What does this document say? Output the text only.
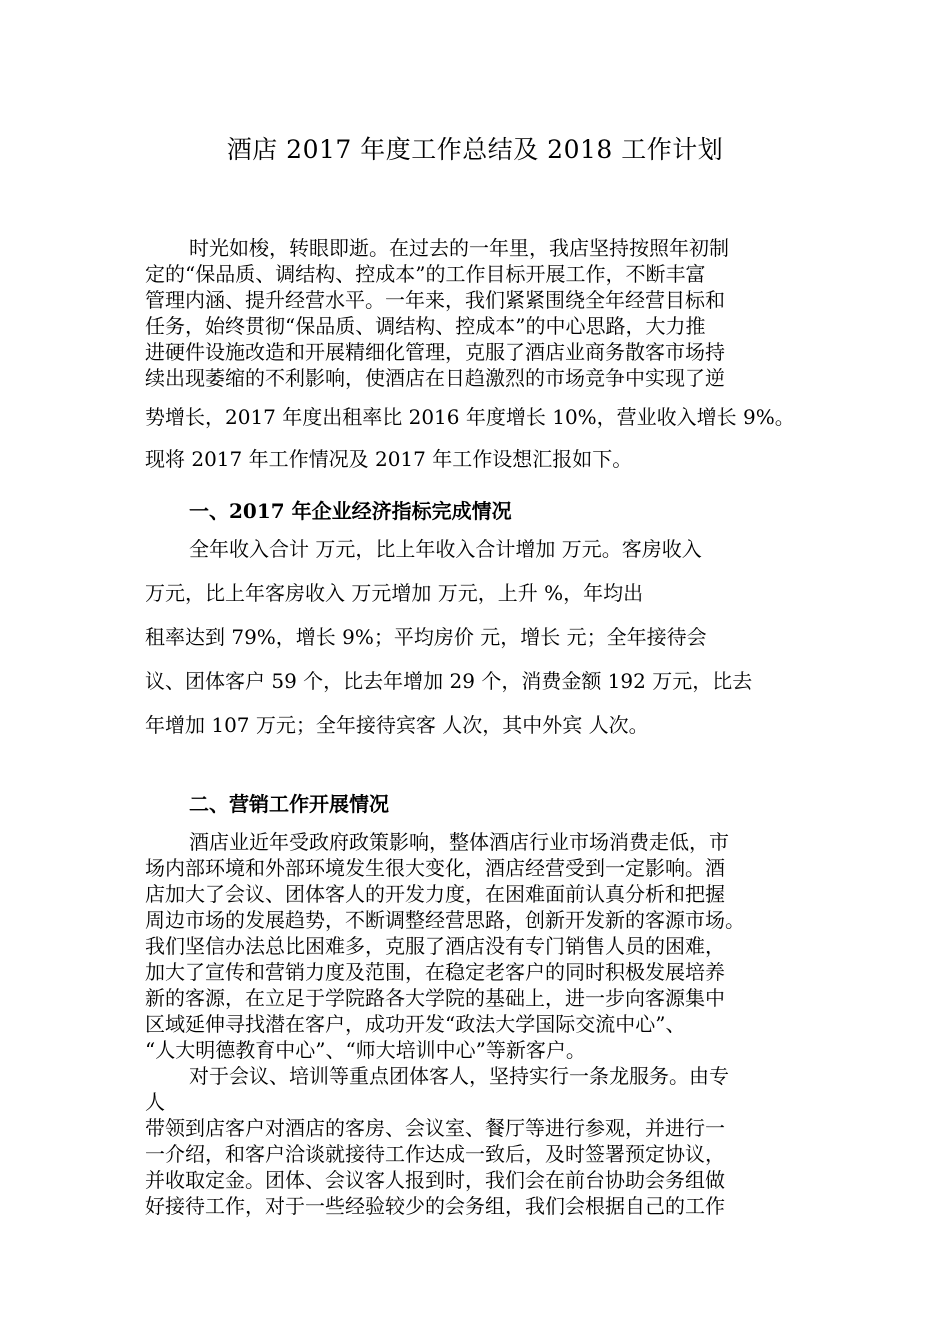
酒店 2017 年度工作总结及 2018 工作计划
时光如梭，转眼即逝。在过去的一年里，我店坚持按照年初制
定的“保品质、调结构、控成本”的工作目标开展工作，不断丰富
管理内涵、提升经营水平。一年来，我们紧紧围绕全年经营目标和
任务，始终贯彻“保品质、调结构、控成本”的中心思路，大力推
进硬件设施改造和开展精细化管理，克服了酒店业商务散客市场持
续出现萎缩的不利影响，使酒店在日趋激烈的市场竞争中实现了逆
势增长，2017 年度出租率比 2016 年度增长 10%，营业收入增长 9%。
现将 2017 年工作情况及 2017 年工作设想汇报如下。
一、2017 年企业经济指标完成情况
全年收入合计 万元，比上年收入合计增加 万元。客房收入
万元，比上年客房收入 万元增加 万元，上升 %，年均出
租率达到 79%，增长 9%；平均房价 元，增长 元；全年接待会
议、团体客户 59 个，比去年增加 29 个，消费金额 192 万元，比去
年增加 107 万元；全年接待宾客 人次，其中外宾 人次。
二、营销工作开展情况
酒店业近年受政府政策影响，整体酒店行业市场消费走低，市
场内部环境和外部环境发生很大变化，酒店经营受到一定影响。酒
店加大了会议、团体客人的开发力度，在困难面前认真分析和把握
周边市场的发展趋势，不断调整经营思路，创新开发新的客源市场。
我们坚信办法总比困难多，克服了酒店没有专门销售人员的困难，
加大了宣传和营销力度及范围，在稳定老客户的同时积极发展培养
新的客源，在立足于学院路各大学院的基础上，进一步向客源集中
区域延伸寻找潜在客户，成功开发“政法大学国际交流中心”、
“人大明德教育中心”、“师大培训中心”等新客户。
对于会议、培训等重点团体客人，坚持实行一条龙服务。由专
人
带领到店客户对酒店的客房、会议室、餐厅等进行参观，并进行一
一介绍，和客户洽谈就接待工作达成一致后，及时签署预定协议，
并收取定金。团体、会议客人报到时，我们会在前台协助会务组做
好接待工作，对于一些经验较少的会务组，我们会根据自己的工作
